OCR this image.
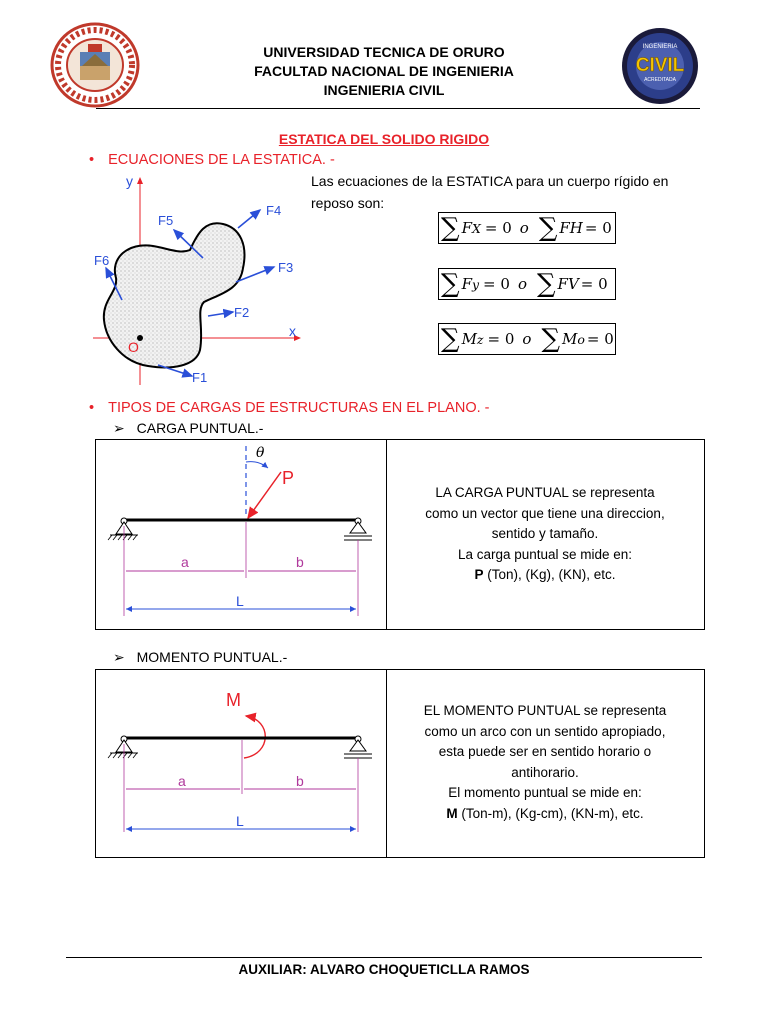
INGENIERIA
CIVIL
ACREDITADA
UNIVERSIDAD TECNICA DE ORURO
FACULTAD NACIONAL DE INGENIERIA
INGENIERIA CIVIL
ESTATICA DEL SOLIDO RIGIDO
• ECUACIONES DE LA ESTATICA. -
y
x
O
F4
F5
F3
F6
F2
F1
Las ecuaciones de la ESTATICA para un cuerpo rígido en reposo son:
∑ F X = 0 o ∑ FH = 0
∑ F y = 0 o ∑ FV = 0
∑ M z = 0 o ∑ M o = 0
• TIPOS DE CARGAS DE ESTRUCTURAS EN EL PLANO. -
➢ CARGA PUNTUAL.-
θ
P
a	b
L
LA CARGA PUNTUAL se representa
como un vector que tiene una direccion,
sentido y tamaño.
La carga puntual se mide en:
P (Ton), (Kg), (KN), etc.
➢ MOMENTO PUNTUAL.-
M
a	b
L
EL MOMENTO PUNTUAL se representa
como un arco con un sentido apropiado,
esta puede ser en sentido horario o
antihorario.
El momento puntual se mide en:
M (Ton-m), (Kg-cm), (KN-m), etc.
AUXILIAR: ALVARO CHOQUETICLLA RAMOS
